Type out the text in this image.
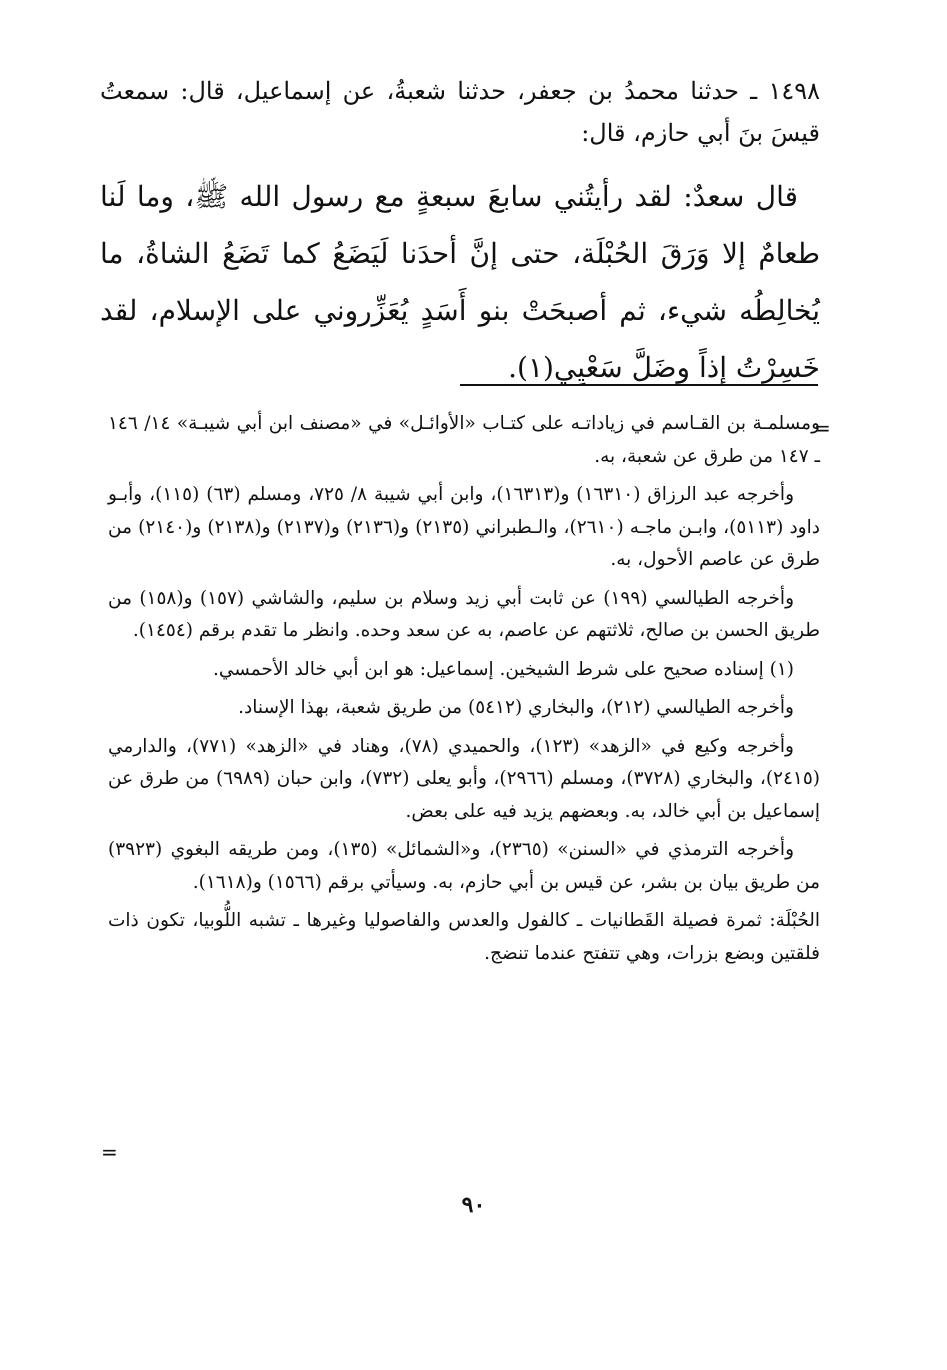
١٤٩٨ ـ حدثنا محمدُ بن جعفر، حدثنا شعبةُ، عن إسماعيل، قال: سمعتُ قيسَ بنَ أبي حازم، قال:

قال سعدٌ: لقد رأيتُني سابعَ سبعةٍ مع رسول الله ﷺ، وما لَنا طعامٌ إلا وَرَقَ الحُبْلَة، حتى إنَّ أحدَنا لَيَضَعُ كما تَضَعُ الشاةُ، ما يُخالِطُه شيء، ثم أصبحَتْ بنو أَسَدٍ يُعَزِّروني على الإسلام، لقد خَسِرْتُ إذاً وضَلَّ سَعْيِي(١).

=

ومسلمـة بن القـاسم في زياداتـه على كتـاب «الأوائـل» في «مصنف ابن أبي شيبـة» ١٤/ ١٤٦ ـ ١٤٧ من طرق عن شعبة، به.

وأخرجه عبد الرزاق (١٦٣١٠) و(١٦٣١٣)، وابن أبي شيبة ٨/ ٧٢٥، ومسلم (٦٣) (١١٥)، وأبـو داود (٥١١٣)، وابـن ماجـه (٢٦١٠)، والـطبراني (٢١٣٥) و(٢١٣٦) و(٢١٣٧) و(٢١٣٨) و(٢١٤٠) من طرق عن عاصم الأحول، به.

وأخرجه الطيالسي (١٩٩) عن ثابت أبي زيد وسلام بن سليم، والشاشي (١٥٧) و(١٥٨) من طريق الحسن بن صالح، ثلاثتهم عن عاصم، به عن سعد وحده. وانظر ما تقدم برقم (١٤٥٤).

(١) إسناده صحيح على شرط الشيخين. إسماعيل: هو ابن أبي خالد الأحمسي.

وأخرجه الطيالسي (٢١٢)، والبخاري (٥٤١٢) من طريق شعبة، بهذا الإسناد.

وأخرجه وكيع في «الزهد» (١٢٣)، والحميدي (٧٨)، وهناد في «الزهد» (٧٧١)، والدارمي (٢٤١٥)، والبخاري (٣٧٢٨)، ومسلم (٢٩٦٦)، وأبو يعلى (٧٣٢)، وابن حبان (٦٩٨٩) من طرق عن إسماعيل بن أبي خالد، به. وبعضهم يزيد فيه على بعض.

وأخرجه الترمذي في «السنن» (٢٣٦٥)، و«الشمائل» (١٣٥)، ومن طريقه البغوي (٣٩٢٣) من طريق بيان بن بشر، عن قيس بن أبي حازم، به. وسيأتي برقم (١٥٦٦) و(١٦١٨).

الحُبْلَة: ثمرة فصيلة القَطانيات ـ كالفول والعدس والفاصوليا وغيرها ـ تشبه اللُّوبيا، تكون ذات فلقتين وبضع بزرات، وهي تتفتح عندما تنضج.

=
٩٠
